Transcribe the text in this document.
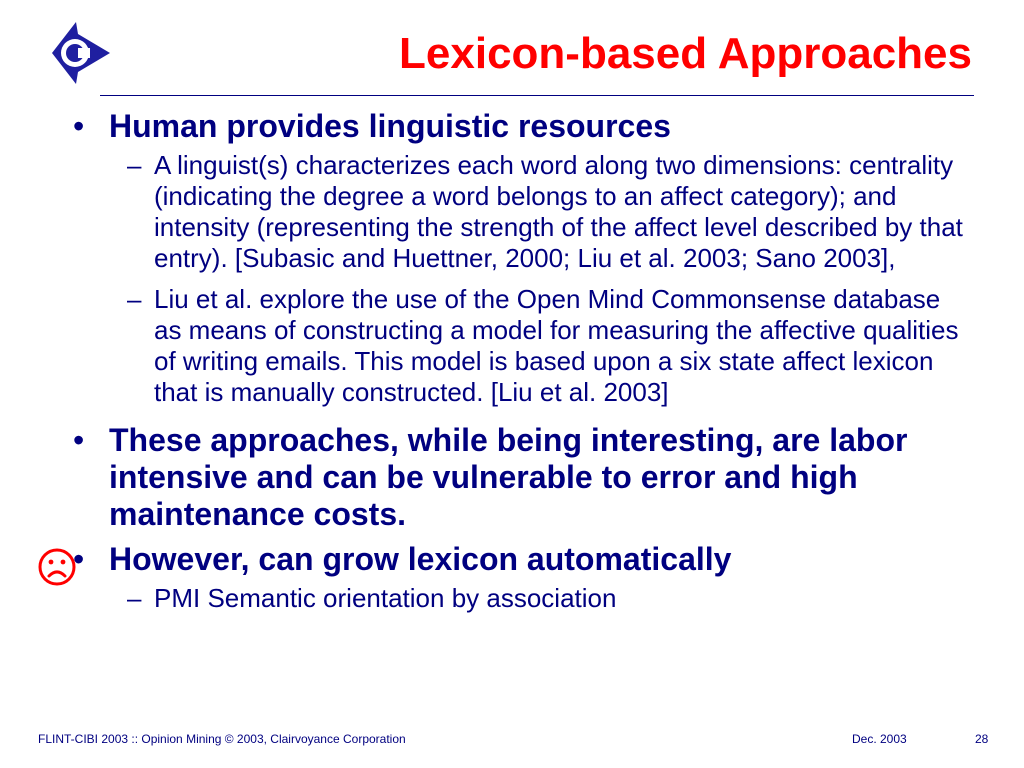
Lexicon-based Approaches
• Human provides linguistic resources
– A linguist(s) characterizes each word along two dimensions: centrality (indicating the degree a word belongs to an affect category); and intensity (representing the strength of the affect level described by that entry). [Subasic and Huettner, 2000; Liu et al. 2003; Sano 2003],
– Liu et al. explore the use of the Open Mind Commonsense database as means of constructing a model for measuring the affective qualities of writing emails. This model is based upon a six state affect lexicon that is manually constructed. [Liu et al. 2003]
• These approaches, while being interesting, are labor intensive and can be vulnerable to error and high maintenance costs.
• However, can grow lexicon automatically
– PMI Semantic orientation by association
FLINT-CIBI 2003 :: Opinion Mining © 2003, Clairvoyance Corporation	Dec. 2003	28
